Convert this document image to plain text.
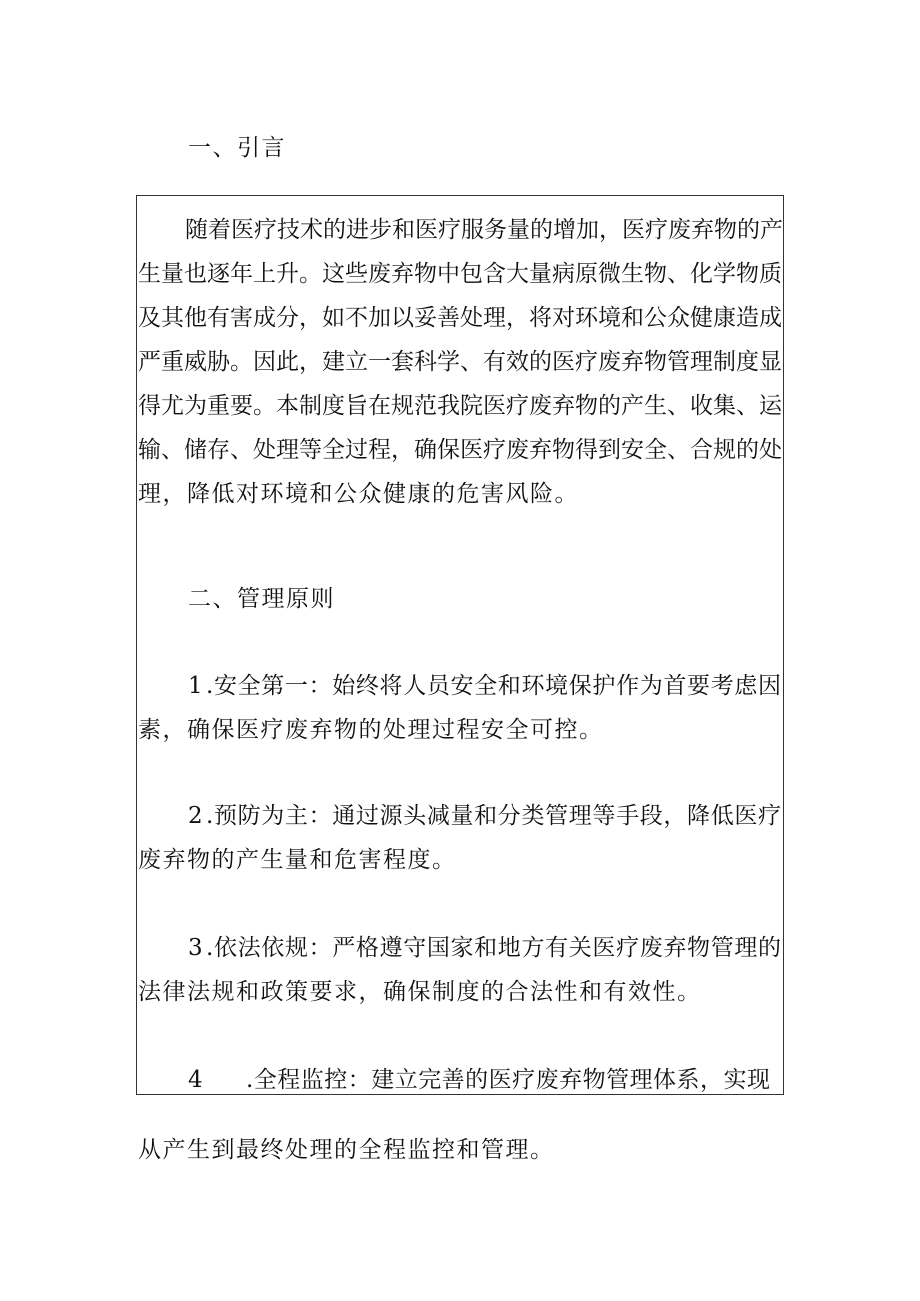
一、引言
随着医疗技术的进步和医疗服务量的增加，医疗废弃物的产
生量也逐年上升。这些废弃物中包含大量病原微生物、化学物质
及其他有害成分，如不加以妥善处理，将对环境和公众健康造成
严重威胁。因此，建立一套科学、有效的医疗废弃物管理制度显
得尤为重要。本制度旨在规范我院医疗废弃物的产生、收集、运
输、储存、处理等全过程，确保医疗废弃物得到安全、合规的处
理，降低对环境和公众健康的危害风险。
二、管理原则
1 .安全第一：始终将人员安全和环境保护作为首要考虑因
素，确保医疗废弃物的处理过程安全可控。
2 .预防为主：通过源头减量和分类管理等手段，降低医疗
废弃物的产生量和危害程度。
3 .依法依规：严格遵守国家和地方有关医疗废弃物管理的
法律法规和政策要求，确保制度的合法性和有效性。
4 .全程监控：建立完善的医疗废弃物管理体系，实现
从产生到最终处理的全程监控和管理。
